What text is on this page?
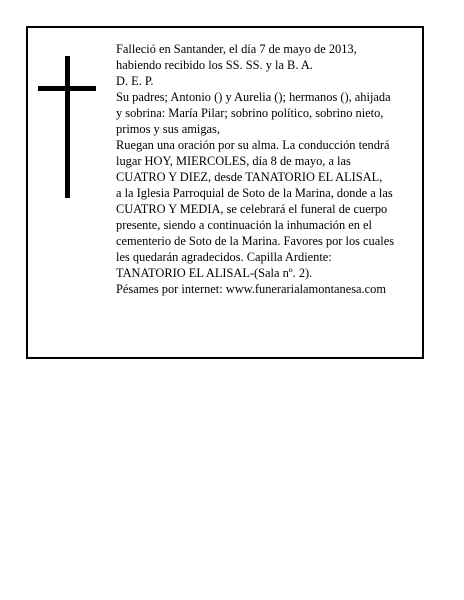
Falleció en Santander, el día 7 de mayo de 2013,
habiendo recibido los SS. SS. y la B. A.
D. E. P.
Su padres; Antonio () y Aurelia (); hermanos (), ahijada
y sobrina: María Pilar; sobrino político, sobrino nieto,
primos y sus amigas,
Ruegan una oración por su alma. La conducción tendrá
lugar HOY, MIERCOLES, día 8 de mayo, a las
CUATRO Y DIEZ, desde TANATORIO EL ALISAL,
a la Iglesia Parroquial de Soto de la Marina, donde a las
CUATRO Y MEDIA, se celebrará el funeral de cuerpo
presente, siendo a continuación la inhumación en el
cementerio de Soto de la Marina. Favores por los cuales
les quedarán agradecidos. Capilla Ardiente:
TANATORIO EL ALISAL-(Sala nº. 2).
Pésames por internet: www.funerarialamontanesa.com
